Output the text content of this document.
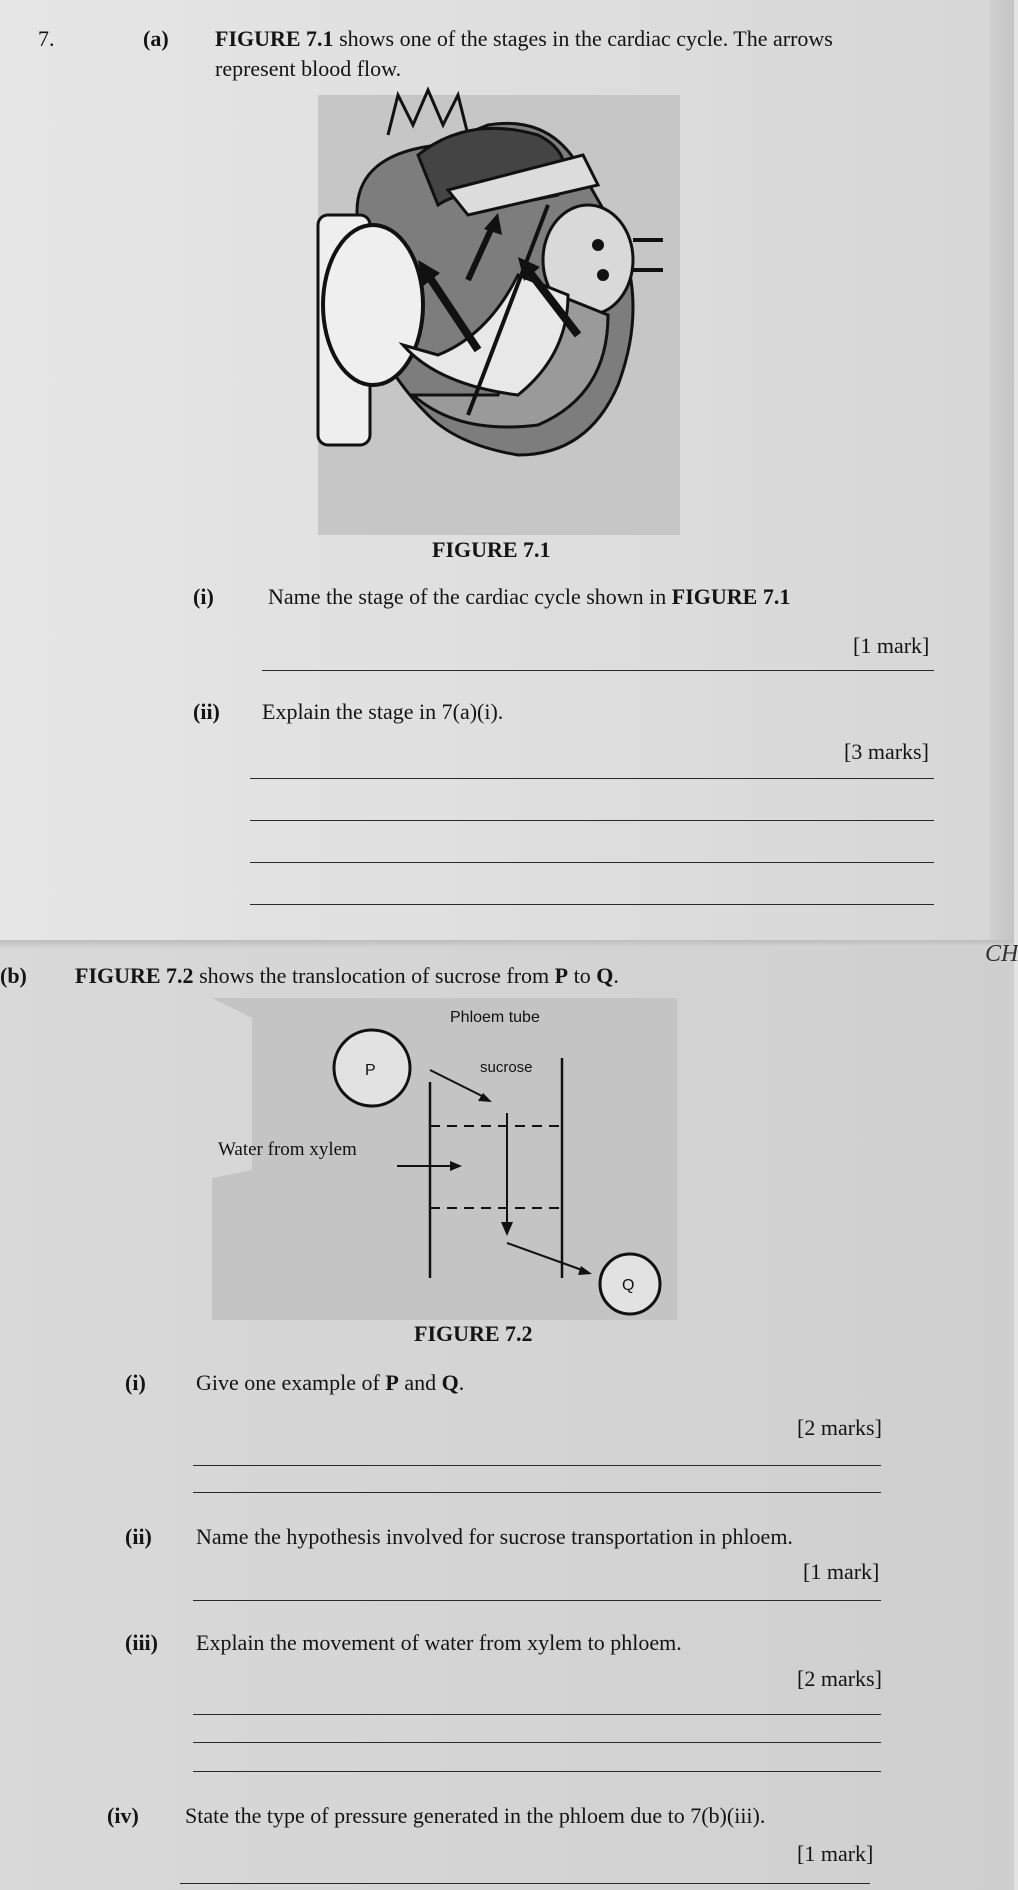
7.	(a) FIGURE 7.1 shows one of the stages in the cardiac cycle. The arrows
represent blood flow.
FIGURE 7.1
(i) Name the stage of the cardiac cycle shown in FIGURE 7.1
[1 mark]
(ii) Explain the stage in 7(a)(i).
[3 marks]
CH
(b) FIGURE 7.2 shows the translocation of sucrose from P to Q.
Phloem tube
P	sucrose
Water from xylem
Q
FIGURE 7.2
(i) Give one example of P and Q.
[2 marks]
(ii) Name the hypothesis involved for sucrose transportation in phloem.
[1 mark]
(iii) Explain the movement of water from xylem to phloem.
[2 marks]
(iv) State the type of pressure generated in the phloem due to 7(b)(iii).
[1 mark]
